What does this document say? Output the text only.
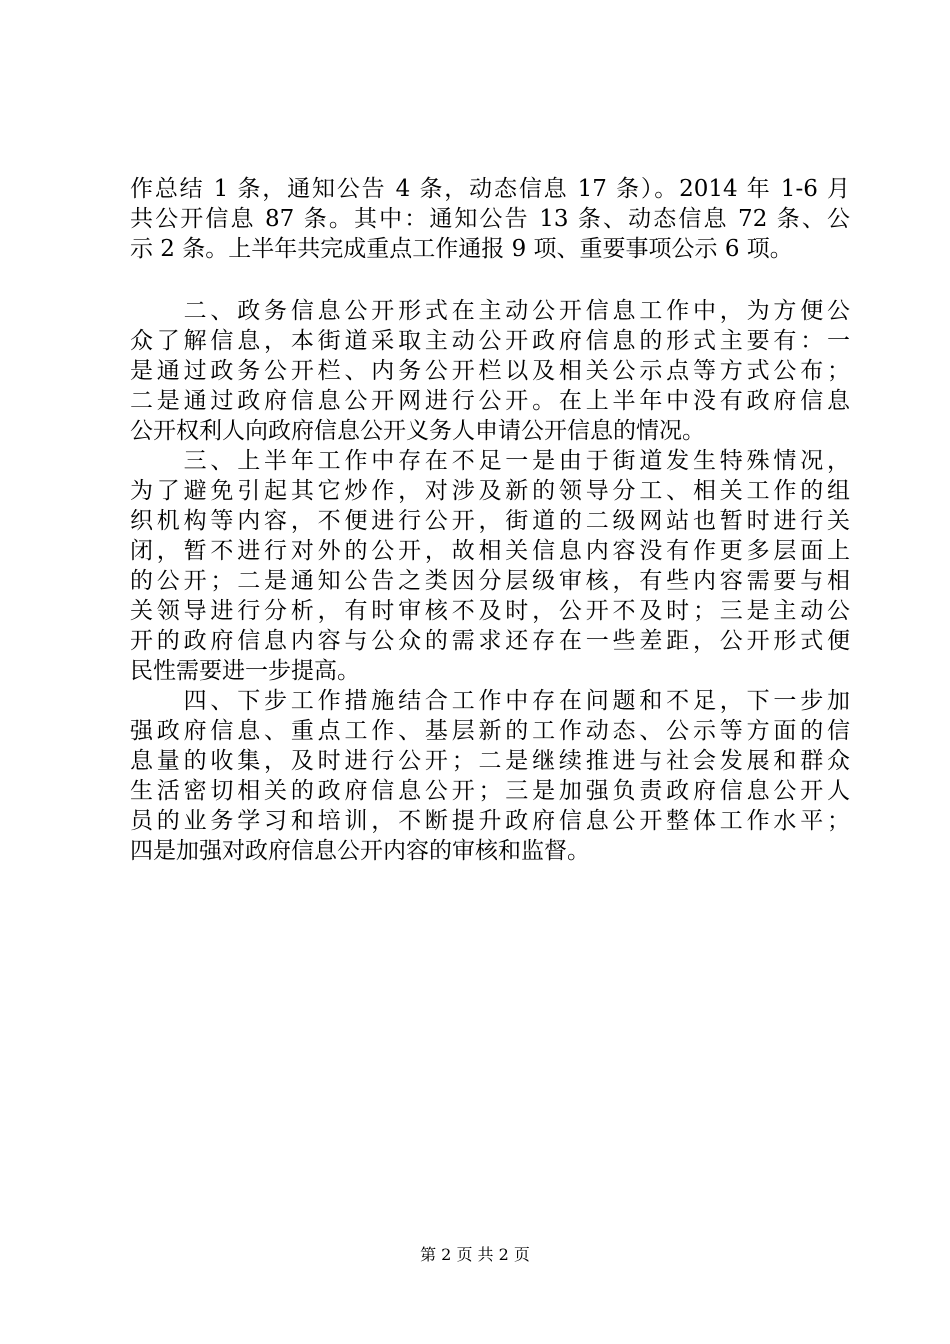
作总结 1 条，通知公告 4 条，动态信息 17 条）。2014 年 1-6 月
共公开信息 87 条。其中：通知公告 13 条、动态信息 72 条、公
示 2 条。上半年共完成重点工作通报 9 项、重要事项公示 6 项。
　　二、政务信息公开形式在主动公开信息工作中，为方便公
众了解信息，本街道采取主动公开政府信息的形式主要有：一
是通过政务公开栏、内务公开栏以及相关公示点等方式公布；
二是通过政府信息公开网进行公开。在上半年中没有政府信息
公开权利人向政府信息公开义务人申请公开信息的情况。
　　三、上半年工作中存在不足一是由于街道发生特殊情况，
为了避免引起其它炒作，对涉及新的领导分工、相关工作的组
织机构等内容，不便进行公开，街道的二级网站也暂时进行关
闭，暂不进行对外的公开，故相关信息内容没有作更多层面上
的公开；二是通知公告之类因分层级审核，有些内容需要与相
关领导进行分析，有时审核不及时，公开不及时；三是主动公
开的政府信息内容与公众的需求还存在一些差距，公开形式便
民性需要进一步提高。
　　四、下步工作措施结合工作中存在问题和不足，下一步加
强政府信息、重点工作、基层新的工作动态、公示等方面的信
息量的收集，及时进行公开；二是继续推进与社会发展和群众
生活密切相关的政府信息公开；三是加强负责政府信息公开人
员的业务学习和培训，不断提升政府信息公开整体工作水平；
四是加强对政府信息公开内容的审核和监督。
第 2 页 共 2 页
